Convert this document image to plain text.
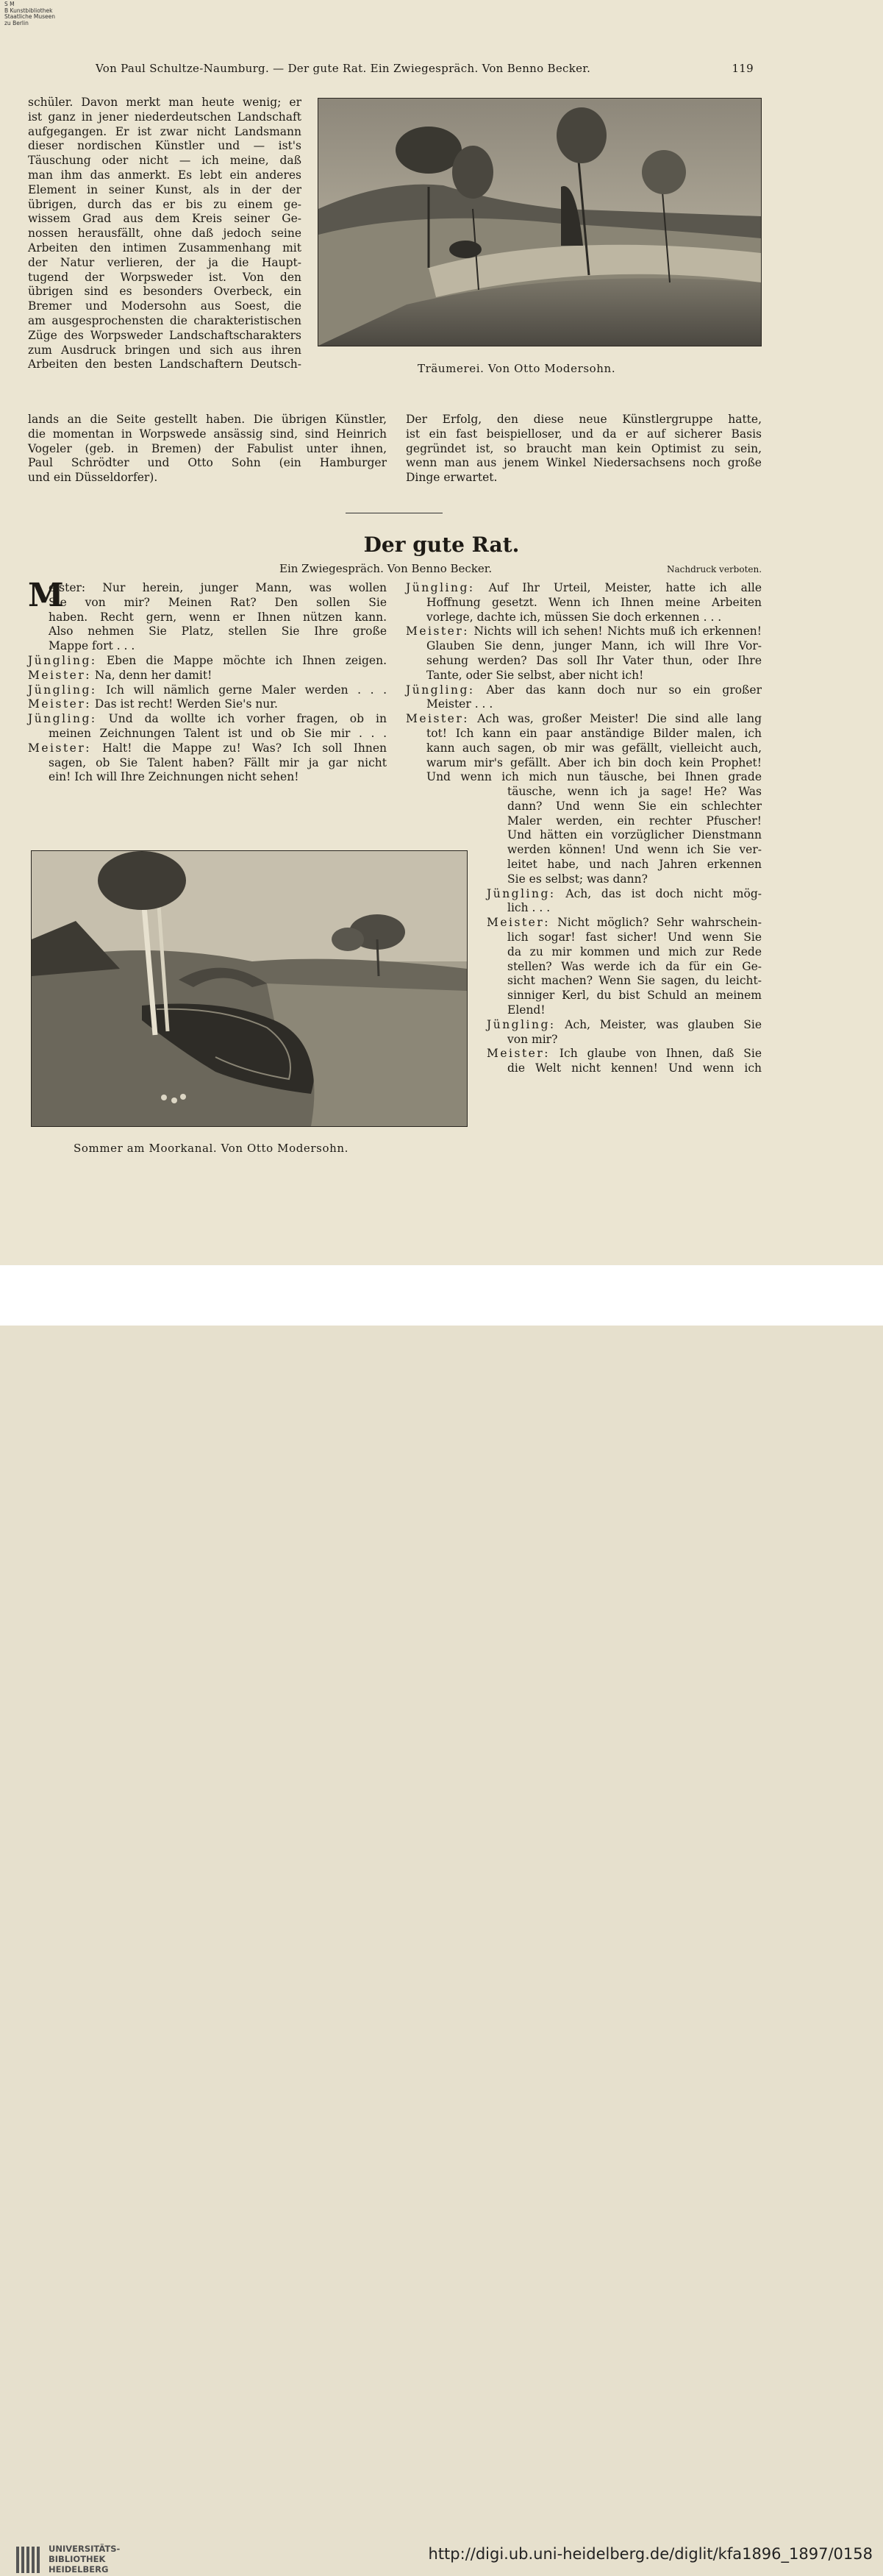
S M
B Kunstbibliothek
Staatliche Museen
zu Berlin
Von Paul Schultze-Naumburg. — Der gute Rat. Ein Zwiegespräch. Von Benno Becker.	119
schüler. Davon merkt man heute wenig; er
ist ganz in jener niederdeutschen Landschaft
aufgegangen. Er ist zwar nicht Landsmann
dieser nordischen Künstler und — ist's
Täuschung oder nicht — ich meine, daß
man ihm das anmerkt. Es lebt ein anderes
Element in seiner Kunst, als in der der
übrigen, durch das er bis zu einem ge-
wissem Grad aus dem Kreis seiner Ge-
nossen herausfällt, ohne daß jedoch seine
Arbeiten den intimen Zusammenhang mit
der Natur verlieren, der ja die Haupt-
tugend der Worpsweder ist. Von den
übrigen sind es besonders Overbeck, ein
Bremer und Modersohn aus Soest, die
am ausgesprochensten die charakteristischen
Züge des Worpsweder Landschaftscharakters
zum Ausdruck bringen und sich aus ihren
Arbeiten den besten Landschaftern Deutsch-
lands an die Seite gestellt haben. Die übrigen Künstler,
die momentan in Worpswede ansässig sind, sind Heinrich
Vogeler (geb. in Bremen) der Fabulist unter ihnen,
Paul Schrödter und Otto Sohn (ein Hamburger
und ein Düsseldorfer).
Der Erfolg, den diese neue Künstlergruppe hatte,
ist ein fast beispielloser, und da er auf sicherer Basis
gegründet ist, so braucht man kein Optimist zu sein,
wenn man aus jenem Winkel Niedersachsens noch große
Dinge erwartet.
Träumerei. Von Otto Modersohn.
Der gute Rat.
Ein Zwiegespräch. Von Benno Becker.	Nachdruck verboten.
M
eister: Nur herein, junger Mann, was wollen
Sie von mir? Meinen Rat? Den sollen Sie
haben. Recht gern, wenn er Ihnen nützen kann.
Also nehmen Sie Platz, stellen Sie Ihre große
Mappe fort . . .
Jüngling: Eben die Mappe möchte ich Ihnen zeigen.
Meister: Na, denn her damit!
Jüngling: Ich will nämlich gerne Maler werden . . .
Meister: Das ist recht! Werden Sie's nur.
Jüngling: Und da wollte ich vorher fragen, ob in
meinen Zeichnungen Talent ist und ob Sie mir . . .
Meister: Halt! die Mappe zu! Was? Ich soll Ihnen
sagen, ob Sie Talent haben? Fällt mir ja gar nicht
ein! Ich will Ihre Zeichnungen nicht sehen!
Jüngling: Auf Ihr Urteil, Meister, hatte ich alle
Hoffnung gesetzt. Wenn ich Ihnen meine Arbeiten
vorlege, dachte ich, müssen Sie doch erkennen . . .
Meister: Nichts will ich sehen! Nichts muß ich erkennen!
Glauben Sie denn, junger Mann, ich will Ihre Vor-
sehung werden? Das soll Ihr Vater thun, oder Ihre
Tante, oder Sie selbst, aber nicht ich!
Jüngling: Aber das kann doch nur so ein großer
Meister . . .
Meister: Ach was, großer Meister! Die sind alle lang
tot! Ich kann ein paar anständige Bilder malen, ich
kann auch sagen, ob mir was gefällt, vielleicht auch,
warum mir's gefällt. Aber ich bin doch kein Prophet!
Und wenn ich mich nun täusche, bei Ihnen grade
täusche, wenn ich ja sage! He? Was
dann? Und wenn Sie ein schlechter
Maler werden, ein rechter Pfuscher!
Und hätten ein vorzüglicher Dienstmann
werden können! Und wenn ich Sie ver-
leitet habe, und nach Jahren erkennen
Sie es selbst; was dann?
Jüngling: Ach, das ist doch nicht mög-
lich . . .
Meister: Nicht möglich? Sehr wahrschein-
lich sogar! fast sicher! Und wenn Sie
da zu mir kommen und mich zur Rede
stellen? Was werde ich da für ein Ge-
sicht machen? Wenn Sie sagen, du leicht-
sinniger Kerl, du bist Schuld an meinem
Elend!
Jüngling: Ach, Meister, was glauben Sie
von mir?
Meister: Ich glaube von Ihnen, daß Sie
die Welt nicht kennen! Und wenn ich
Sommer am Moorkanal. Von Otto Modersohn.
UNIVERSITÄTS-
BIBLIOTHEK
HEIDELBERG
http://digi.ub.uni-heidelberg.de/diglit/kfa1896_1897/0158
